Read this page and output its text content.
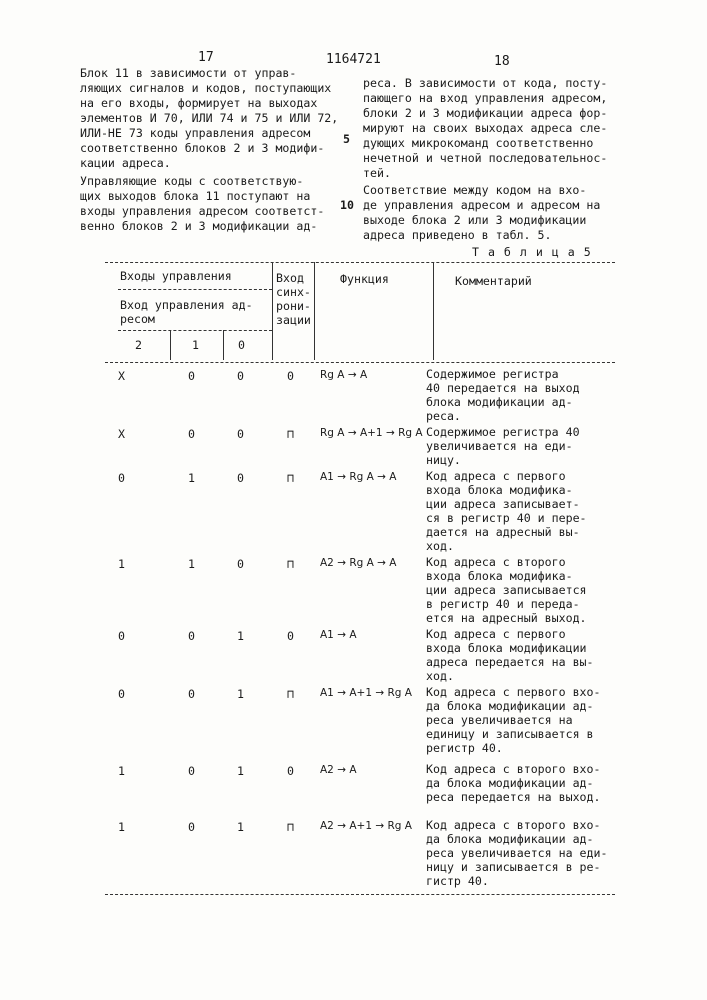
17	1164721	18
Блок 11 в зависимости от управ-
ляющих сигналов и кодов, поступающих
на его входы, формирует на выходах
элементов И 70, ИЛИ 74 и 75 и ИЛИ 72,
ИЛИ-НЕ 73 коды управления адресом
соответственно блоков 2 и 3 модифи-
кации адреса.
Управляющие коды с соответствую-
щих выходов блока 11 поступают на
входы управления адресом соответст-
венно блоков 2 и 3 модификации ад-
реса. В зависимости от кода, посту-
пающего на вход управления адресом,
блоки 2 и 3 модификации адреса фор-
мируют на своих выходах адреса сле-
дующих микрокоманд соответственно
нечетной и четной последовательнос-
тей.
Соответствие между кодом на вхо-
де управления адресом и адресом на
выходе блока 2 или 3 модификации
адреса приведено в табл. 5.
5
10
Т а б л и ц а 5
Входы управления
Вход управления ад-
ресом
2	1	0
Вход
синх-
рони-
зации
Функция	Комментарий
X	0	0	0 Rg A → A	Содержимое регистра
40 передается на выход
блока модификации ад-
реса.
X	0	0	⊓ Rg A → A+1 → Rg A Содержимое регистра 40
увеличивается на еди-
ницу.
0	1	0	⊓ A1 → Rg A → A	Код адреса с первого
входа блока модифика-
ции адреса записывает-
ся в регистр 40 и пере-
дается на адресный вы-
ход.
1	1	0	⊓ A2 → Rg A → A	Код адреса с второго
входа блока модифика-
ции адреса записывается
в регистр 40 и переда-
ется на адресный выход.
0	0	1	0 A1 → A	Код адреса с первого
входа блока модификации
адреса передается на вы-
ход.
0	0	1	⊓ A1 → A+1 → Rg A Код адреса с первого вхо-
да блока модификации ад-
реса увеличивается на
единицу и записывается в
регистр 40.
1	0	1	0 A2 → A	Код адреса с второго вхо-
да блока модификации ад-
реса передается на выход.
1	0	1	⊓ A2 → A+1 → Rg A Код адреса с второго вхо-
да блока модификации ад-
реса увеличивается на еди-
ницу и записывается в ре-
гистр 40.
